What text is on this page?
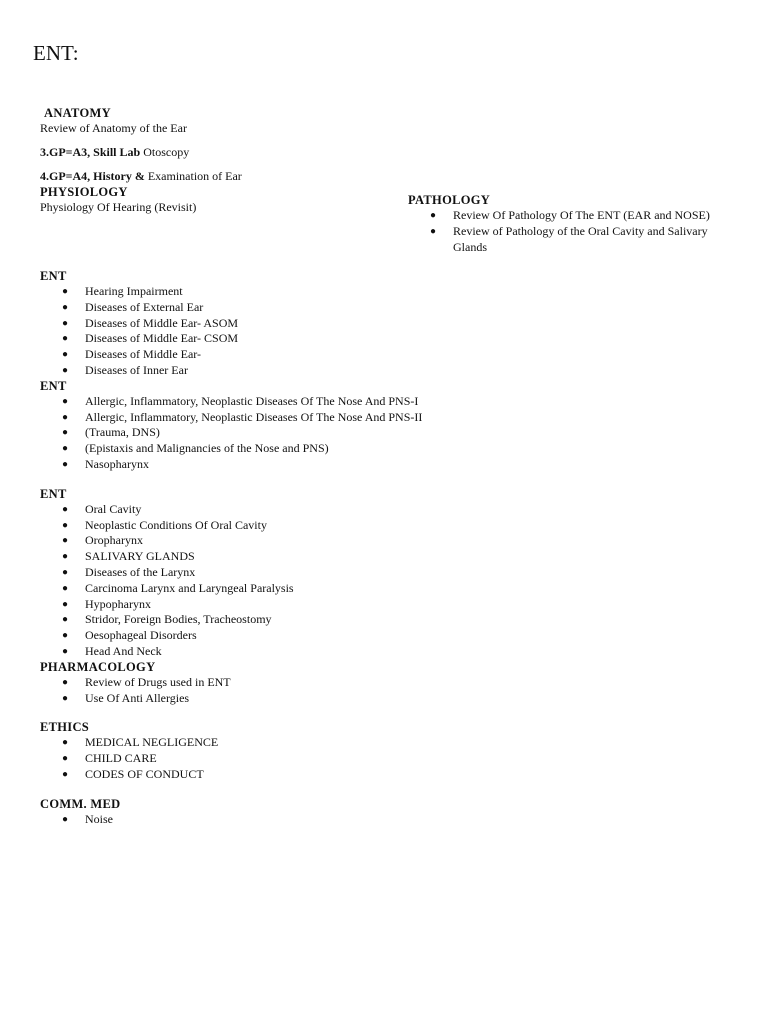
ENT:
ANATOMY
Review of Anatomy of the Ear
3.GP=A3, Skill Lab Otoscopy
4.GP=A4, History & Examination of Ear
PHYSIOLOGY
Physiology Of Hearing (Revisit)	PATHOLOGY
● Review Of Pathology Of The ENT (EAR and NOSE)
● Review of Pathology of the Oral Cavity and Salivary Glands
ENT
● Hearing Impairment
● Diseases of External Ear
● Diseases of Middle Ear- ASOM
● Diseases of Middle Ear- CSOM
● Diseases of Middle Ear-
● Diseases of Inner Ear
ENT
● Allergic, Inflammatory, Neoplastic Diseases Of The Nose And PNS-I
● Allergic, Inflammatory, Neoplastic Diseases Of The Nose And PNS-II
● (Trauma, DNS)
● (Epistaxis and Malignancies of the Nose and PNS)
● Nasopharynx
ENT
● Oral Cavity
● Neoplastic Conditions Of Oral Cavity
● Oropharynx
● SALIVARY GLANDS
● Diseases of the Larynx
● Carcinoma Larynx and Laryngeal Paralysis
● Hypopharynx
● Stridor, Foreign Bodies, Tracheostomy
● Oesophageal Disorders
● Head And Neck
PHARMACOLOGY
● Review of Drugs used in ENT
● Use Of Anti Allergies
ETHICS
● MEDICAL NEGLIGENCE
● CHILD CARE
● CODES OF CONDUCT
COMM. MED
● Noise
